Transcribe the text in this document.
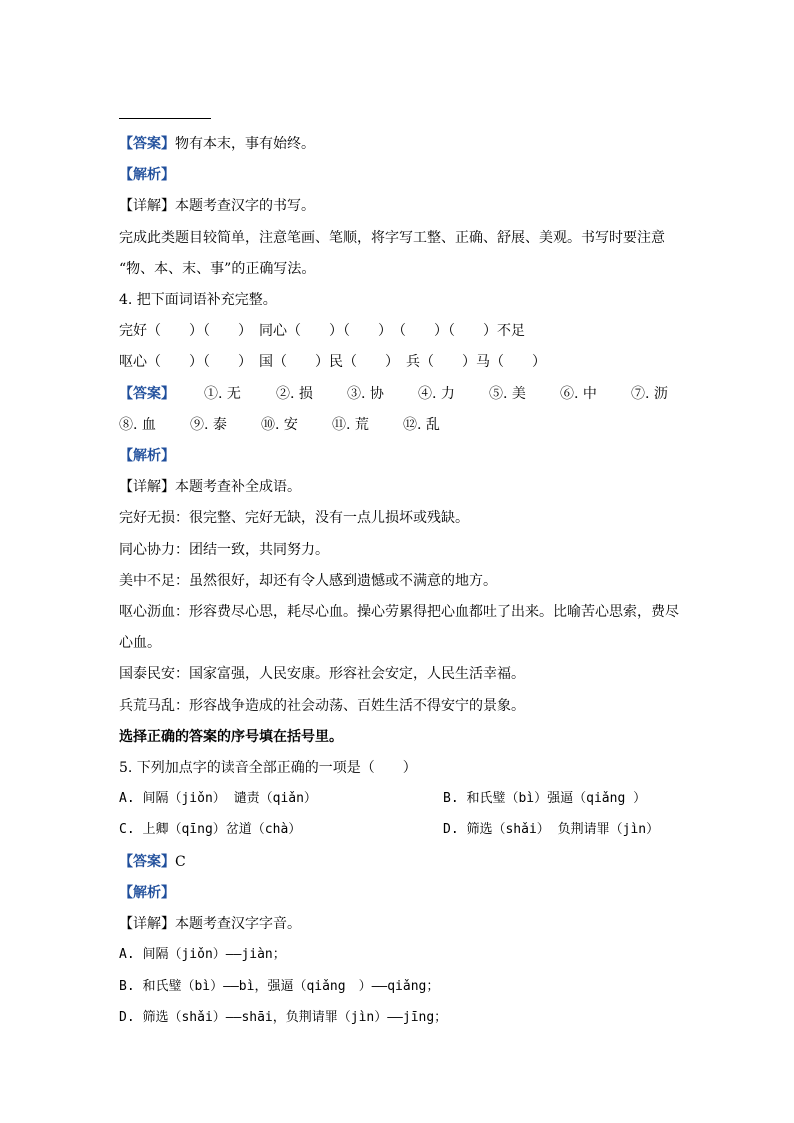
【答案】物有本末，事有始终。
【解析】
【详解】本题考查汉字的书写。
完成此类题目较简单，注意笔画、笔顺，将字写工整、正确、舒展、美观。书写时要注意
“物、本、末、事”的正确写法。
4. 把下面词语补充完整。
完好（　　）（　　）　同心（　　）（　　）　（　　）（　　）不足
呕心（　　）（　　）　国（　　）民（　　）　兵（　　）马（　　）
【答案】 ①. 无	②. 损 ③. 协 ④. 力 ⑤. 美 ⑥. 中 ⑦. 沥
⑧. 血 ⑨. 泰 ⑩. 安 ⑪. 荒 ⑫. 乱
【解析】
【详解】本题考查补全成语。
完好无损：很完整、完好无缺，没有一点儿损坏或残缺。
同心协力：团结一致，共同努力。
美中不足：虽然很好，却还有令人感到遗憾或不满意的地方。
呕心沥血：形容费尽心思，耗尽心血。操心劳累得把心血都吐了出来。比喻苦心思索，费尽
心血。
国泰民安：国家富强，人民安康。形容社会安定，人民生活幸福。
兵荒马乱：形容战争造成的社会动荡、百姓生活不得安宁的景象。
选择正确的答案的序号填在括号里。
5. 下列加点字的读音全部正确的一项是（　　）
A. 间隔（jiǒn） 谴责（qiǎn）	B. 和氏璧（bì）强逼（qiǎng ）
C. 上卿（qīng）岔道（chà）	D. 筛选（shǎi） 负荆请罪（jìn）
【答案】C
【解析】
【详解】本题考查汉字字音。
A. 间隔（jiǒn）——jiàn；
B. 和氏璧（bì）——bì，强逼（qiǎng　）——qiǎng；
D. 筛选（shǎi）——shāi，负荆请罪（jìn）——jīng；
